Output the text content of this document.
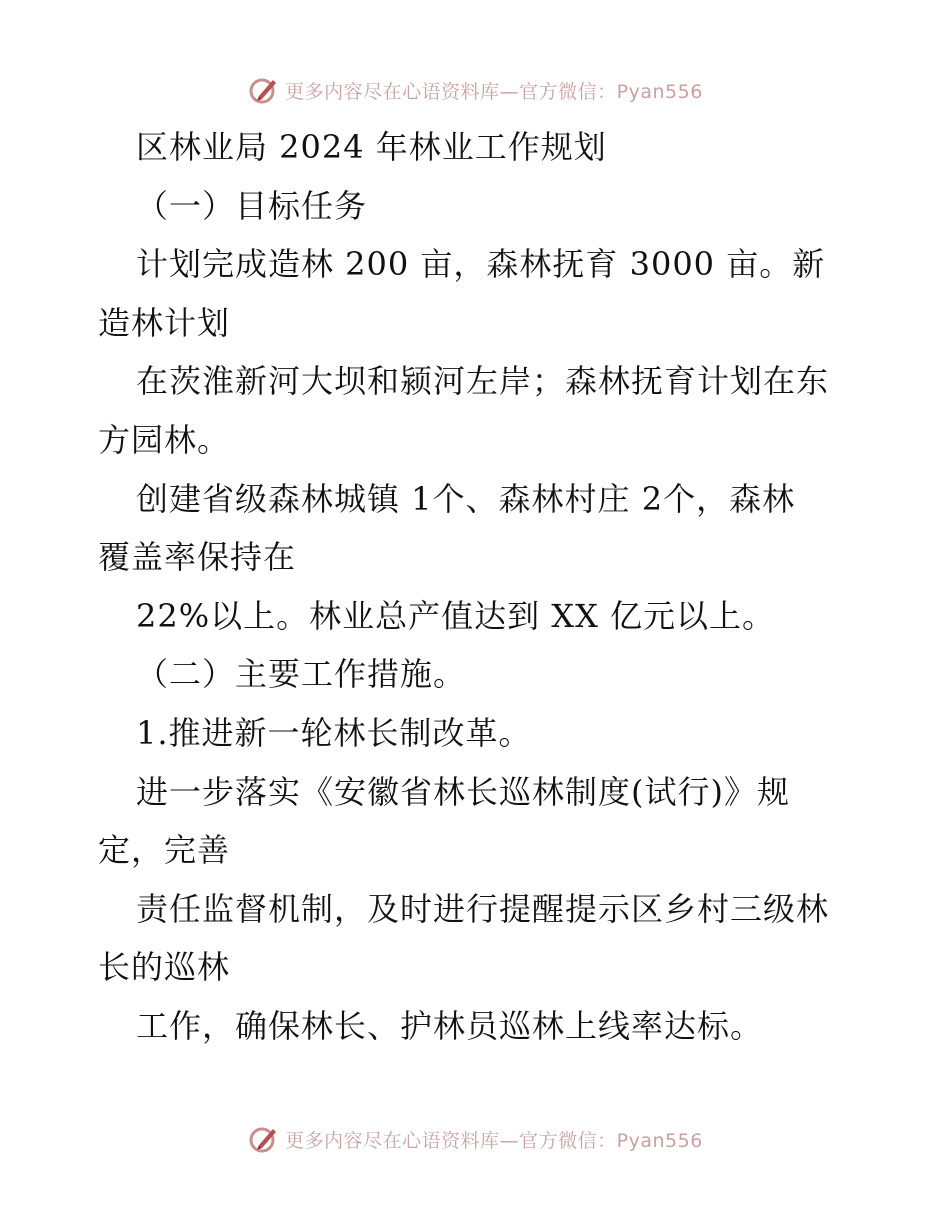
更多内容尽在心语资料库—官方微信：Pyan556
区林业局 2024 年林业工作规划
（一）目标任务
计划完成造林 200 亩，森林抚育 3000 亩。新
造林计划
在茨淮新河大坝和颍河左岸；森林抚育计划在东
方园林。
创建省级森林城镇 1个、森林村庄 2个，森林
覆盖率保持在
22%以上。林业总产值达到 XX 亿元以上。
（二）主要工作措施。
1.推进新一轮林长制改革。
进一步落实《安徽省林长巡林制度(试行)》规
定，完善
责任监督机制，及时进行提醒提示区乡村三级林
长的巡林
工作，确保林长、护林员巡林上线率达标。
更多内容尽在心语资料库—官方微信：Pyan556
